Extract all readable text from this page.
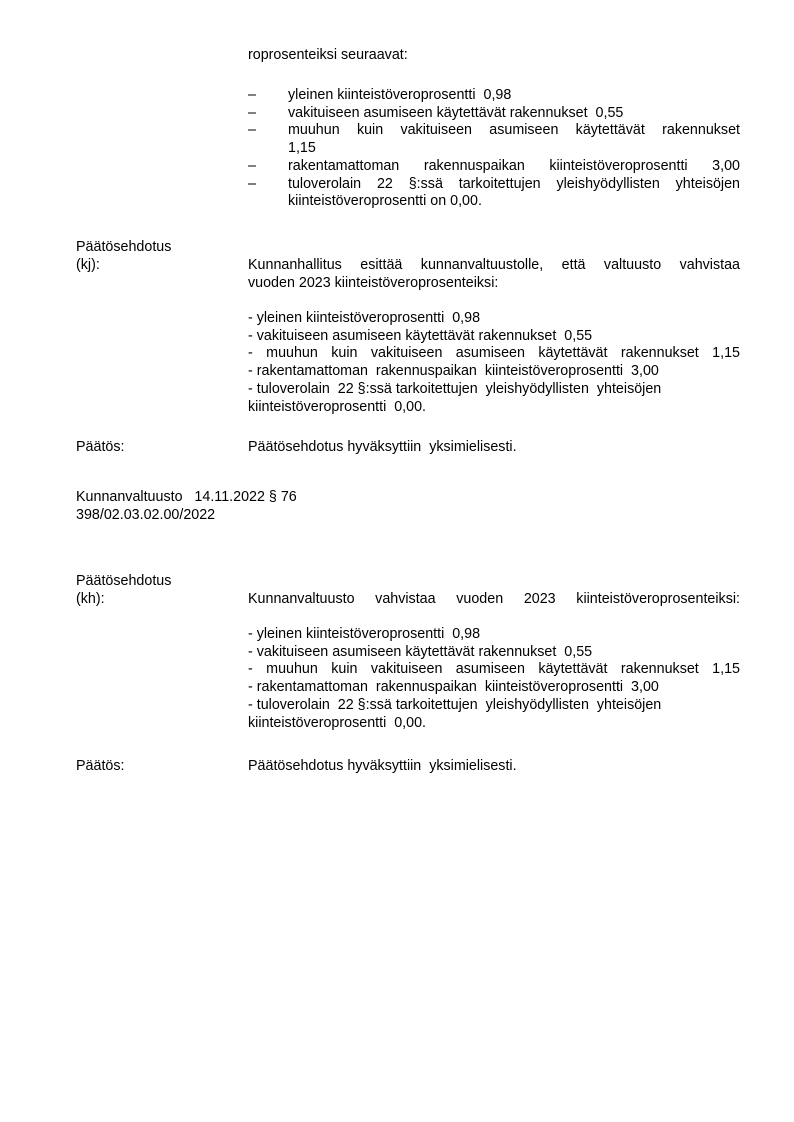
roprosenteiksi seuraavat:
– yleinen kiinteistöveroprosentti  0,98
– vakituiseen asumiseen käytettävät rakennukset  0,55
– muuhun kuin vakituiseen asumiseen käytettävät rakennukset
1,15
– rakentamattoman rakennuspaikan kiinteistöveroprosentti 3,00
– tuloverolain 22 §:ssä tarkoitettujen yleishyödyllisten yhteisöjen
kiinteistöveroprosentti on 0,00.
Päätösehdotus
(kj):	Kunnanhallitus esittää kunnanvaltuustolle, että valtuusto vahvistaa
vuoden 2023 kiinteistöveroprosenteiksi:
- yleinen kiinteistöveroprosentti  0,98
- vakituiseen asumiseen käytettävät rakennukset  0,55
- muuhun kuin vakituiseen asumiseen käytettävät rakennukset 1,15
- rakentamattoman  rakennuspaikan  kiinteistöveroprosentti  3,00
- tuloverolain  22 §:ssä tarkoitettujen  yleishyödyllisten  yhteisöjen
kiinteistöveroprosentti  0,00.
Päätös:	Päätösehdotus hyväksyttiin  yksimielisesti.
Kunnanvaltuusto   14.11.2022 § 76
398/02.03.02.00/2022
Päätösehdotus
(kh):	Kunnanvaltuusto vahvistaa vuoden 2023 kiinteistöveroprosenteiksi:
- yleinen kiinteistöveroprosentti  0,98
- vakituiseen asumiseen käytettävät rakennukset  0,55
- muuhun kuin vakituiseen asumiseen käytettävät rakennukset 1,15
- rakentamattoman  rakennuspaikan  kiinteistöveroprosentti  3,00
- tuloverolain  22 §:ssä tarkoitettujen  yleishyödyllisten  yhteisöjen
kiinteistöveroprosentti  0,00.
Päätös:	Päätösehdotus hyväksyttiin  yksimielisesti.
